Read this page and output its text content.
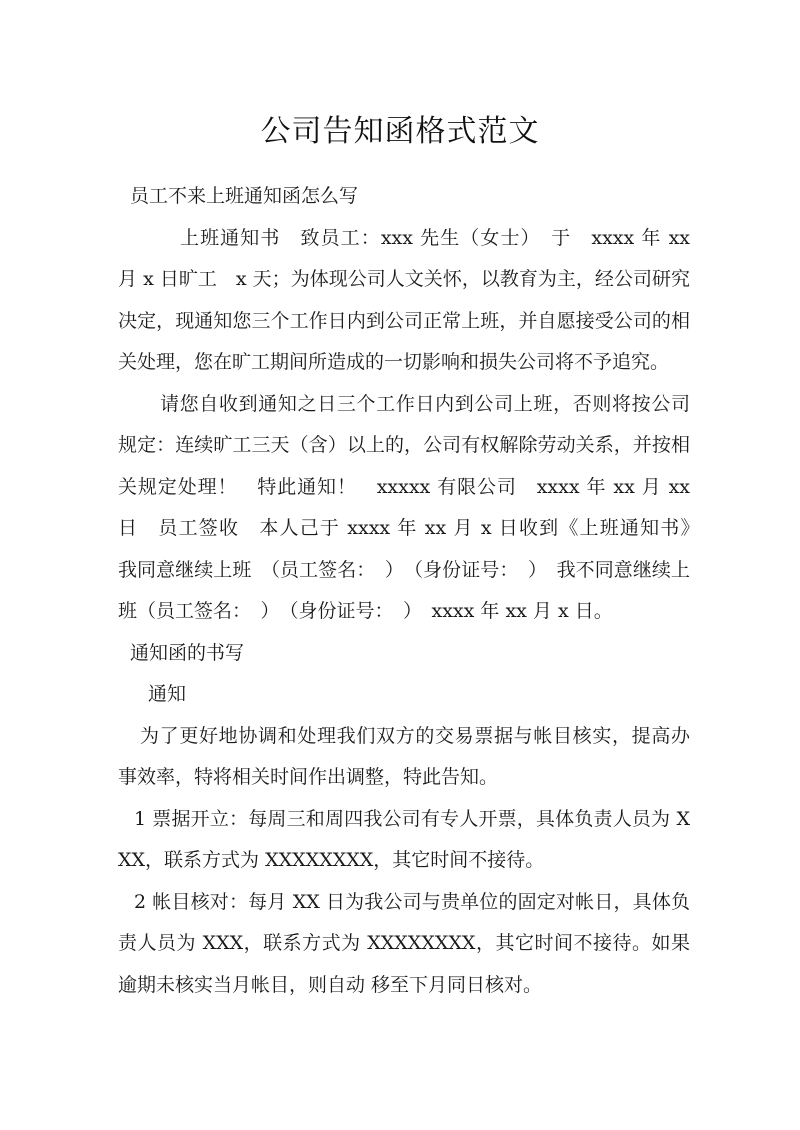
公司告知函格式范文

员工不来上班通知函怎么写

上班通知书　致员工：xxx 先生（女士）　于　xxxx 年 xx 月 x 日旷工　x 天；为体现公司人文关怀，以教育为主，经公司研究决定，现通知您三个工作日内到公司正常上班，并自愿接受公司的相关处理，您在旷工期间所造成的一切影响和损失公司将不予追究。

请您自收到通知之日三个工作日内到公司上班，否则将按公司规定：连续旷工三天（含）以上的，公司有权解除劳动关系，并按相关规定处理！　特此通知！　xxxxx 有限公司　xxxx 年 xx 月 xx 日　员工签收　本人己于 xxxx 年 xx 月 x 日收到《上班通知书》　我同意继续上班　（员工签名：　）　（身份证号：　）　我不同意继续上班（员工签名：　）　（身份证号：　）　xxxx 年 xx 月 x 日。

通知函的书写

通知

为了更好地协调和处理我们双方的交易票据与帐目核实，提高办事效率，特将相关时间作出调整，特此告知。

1 票据开立：每周三和周四我公司有专人开票，具体负责人员为 XXX，联系方式为 XXXXXXXX，其它时间不接待。

2 帐目核对：每月 XX 日为我公司与贵单位的固定对帐日，具体负责人员为 XXX，联系方式为 XXXXXXXX，其它时间不接待。如果逾期未核实当月帐目，则自动 移至下月同日核对。
